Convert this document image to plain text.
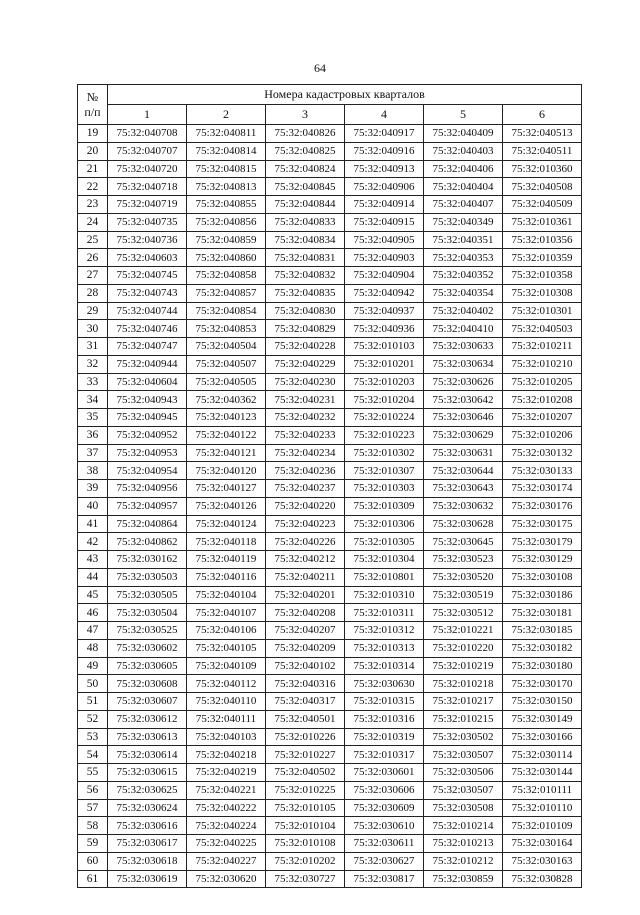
64
№
п/п	Номера кадастровых кварталов					
	1	2	3	4	5	6
19	75:32:040708	75:32:040811	75:32:040826	75:32:040917	75:32:040409	75:32:040513
20	75:32:040707	75:32:040814	75:32:040825	75:32:040916	75:32:040403	75:32:040511
21	75:32:040720	75:32:040815	75:32:040824	75:32:040913	75:32:040406	75:32:010360
22	75:32:040718	75:32:040813	75:32:040845	75:32:040906	75:32:040404	75:32:040508
23	75:32:040719	75:32:040855	75:32:040844	75:32:040914	75:32:040407	75:32:040509
24	75:32:040735	75:32:040856	75:32:040833	75:32:040915	75:32:040349	75:32:010361
25	75:32:040736	75:32:040859	75:32:040834	75:32:040905	75:32:040351	75:32:010356
26	75:32:040603	75:32:040860	75:32:040831	75:32:040903	75:32:040353	75:32:010359
27	75:32:040745	75:32:040858	75:32:040832	75:32:040904	75:32:040352	75:32:010358
28	75:32:040743	75:32:040857	75:32:040835	75:32:040942	75:32:040354	75:32:010308
29	75:32:040744	75:32:040854	75:32:040830	75:32:040937	75:32:040402	75:32:010301
30	75:32:040746	75:32:040853	75:32:040829	75:32:040936	75:32:040410	75:32:040503
31	75:32:040747	75:32:040504	75:32:040228	75:32:010103	75:32:030633	75:32:010211
32	75:32:040944	75:32:040507	75:32:040229	75:32:010201	75:32:030634	75:32:010210
33	75:32:040604	75:32:040505	75:32:040230	75:32:010203	75:32:030626	75:32:010205
34	75:32:040943	75:32:040362	75:32:040231	75:32:010204	75:32:030642	75:32:010208
35	75:32:040945	75:32:040123	75:32:040232	75:32:010224	75:32:030646	75:32:010207
36	75:32:040952	75:32:040122	75:32:040233	75:32:010223	75:32:030629	75:32:010206
37	75:32:040953	75:32:040121	75:32:040234	75:32:010302	75:32:030631	75:32:030132
38	75:32:040954	75:32:040120	75:32:040236	75:32:010307	75:32:030644	75:32:030133
39	75:32:040956	75:32:040127	75:32:040237	75:32:010303	75:32:030643	75:32:030174
40	75:32:040957	75:32:040126	75:32:040220	75:32:010309	75:32:030632	75:32:030176
41	75:32:040864	75:32:040124	75:32:040223	75:32:010306	75:32:030628	75:32:030175
42	75:32:040862	75:32:040118	75:32:040226	75:32:010305	75:32:030645	75:32:030179
43	75:32:030162	75:32:040119	75:32:040212	75:32:010304	75:32:030523	75:32:030129
44	75:32:030503	75:32:040116	75:32:040211	75:32:010801	75:32:030520	75:32:030108
45	75:32:030505	75:32:040104	75:32:040201	75:32:010310	75:32:030519	75:32:030186
46	75:32:030504	75:32:040107	75:32:040208	75:32:010311	75:32:030512	75:32:030181
47	75:32:030525	75:32:040106	75:32:040207	75:32:010312	75:32:010221	75:32:030185
48	75:32:030602	75:32:040105	75:32:040209	75:32:010313	75:32:010220	75:32:030182
49	75:32:030605	75:32:040109	75:32:040102	75:32:010314	75:32:010219	75:32:030180
50	75:32:030608	75:32:040112	75:32:040316	75:32:030630	75:32:010218	75:32:030170
51	75:32:030607	75:32:040110	75:32:040317	75:32:010315	75:32:010217	75:32:030150
52	75:32:030612	75:32:040111	75:32:040501	75:32:010316	75:32:010215	75:32:030149
53	75:32:030613	75:32:040103	75:32:010226	75:32:010319	75:32:030502	75:32:030166
54	75:32:030614	75:32:040218	75:32:010227	75:32:010317	75:32:030507	75:32:030114
55	75:32:030615	75:32:040219	75:32:040502	75:32:030601	75:32:030506	75:32:030144
56	75:32:030625	75:32:040221	75:32:010225	75:32:030606	75:32:030507	75:32:010111
57	75:32:030624	75:32:040222	75:32:010105	75:32:030609	75:32:030508	75:32:010110
58	75:32:030616	75:32:040224	75:32:010104	75:32:030610	75:32:010214	75:32:010109
59	75:32:030617	75:32:040225	75:32:010108	75:32:030611	75:32:010213	75:32:030164
60	75:32:030618	75:32:040227	75:32:010202	75:32:030627	75:32:010212	75:32:030163
61	75:32:030619	75:32:030620	75:32:030727	75:32:030817	75:32:030859	75:32:030828
